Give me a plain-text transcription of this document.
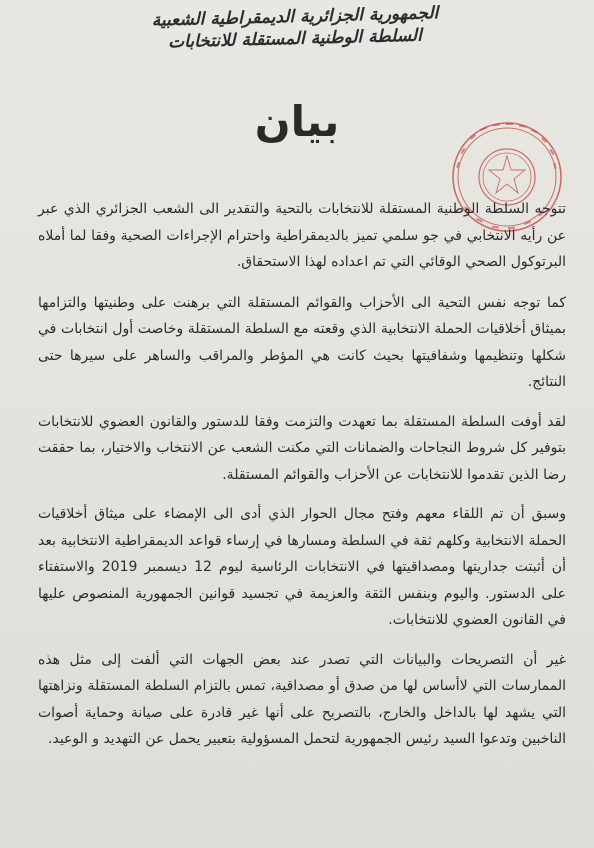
الجمهورية الجزائرية الديمقراطية الشعبية
السلطة الوطنية المستقلة للانتخابات
بيان

تتوجه السلطة الوطنية المستقلة للانتخابات بالتحية والتقدير الى الشعب الجزائري الذي عبر عن رأيه الانتخابي في جو سلمي تميز بالديمقراطية واحترام الإجراءات الصحية وفقا لما أملاه البرتوكول الصحي الوقائي التي تم اعداده لهذا الاستحقاق.

كما توجه نفس التحية الى الأحزاب والقوائم المستقلة التي برهنت على وطنيتها والتزامها بميثاق أخلاقيات الحملة الانتخابية الذي وقعته مع السلطة المستقلة وخاصت أول انتخابات في شكلها وتنظيمها وشفافيتها بحيث كانت هي المؤطر والمراقب والساهر على سيرها حتى النتائج.

لقد أوفت السلطة المستقلة بما تعهدت والتزمت وفقا للدستور والقانون العضوي للانتخابات بتوفير كل شروط النجاحات والضمانات التي مكنت الشعب عن الانتخاب والاختيار، بما حققت رضا الذين تقدموا للانتخابات عن الأحزاب والقوائم المستقلة.

وسبق أن تم اللقاء معهم وفتح مجال الحوار الذي أدى الى الإمضاء على ميثاق أخلاقيات الحملة الانتخابية وكلهم ثقة في السلطة ومسارها في إرساء قواعد الديمقراطية الانتخابية بعد أن أثبتت جداريتها ومصداقيتها في الانتخابات الرئاسية ليوم 12 ديسمبر 2019 والاستفتاء على الدستور. واليوم وبنفس الثقة والعزيمة في تجسيد قوانين الجمهورية المنصوص عليها في القانون العضوي للانتخابات.

غير أن التصريحات والبيانات التي تصدر عند بعض الجهات التي ألفت إلى مثل هذه الممارسات التي لاأساس لها من صدق أو مصداقية، تمس بالتزام السلطة المستقلة ونزاهتها التي يشهد لها بالداخل والخارج، بالتصريح على أنها غير قادرة على صيانة وحماية أصوات الناخبين وتدعوا السيد رئيس الجمهورية لتحمل المسؤولية بتعبير يحمل عن التهديد و الوعيد.
